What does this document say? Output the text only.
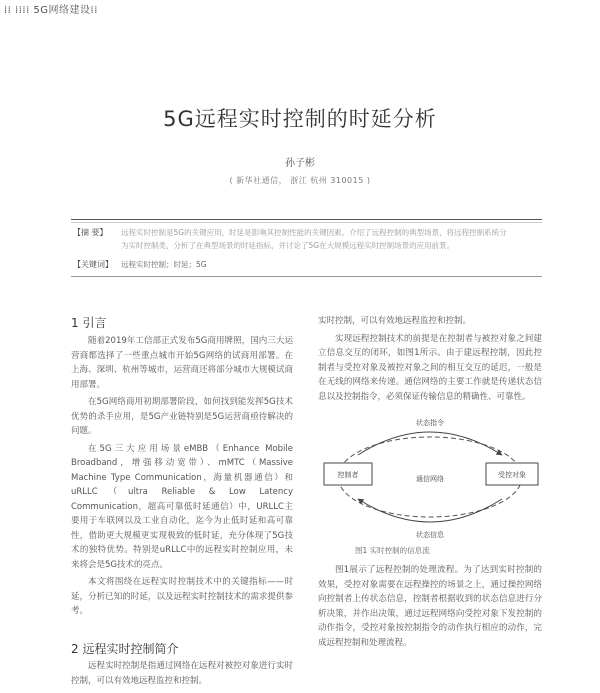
⁞⁞ ⁞⁞⁞⁞ 5G网络建设⁞⁞
5G远程实时控制的时延分析
孙子彬
( 新华社通信， 浙江 杭州 310015 )
【摘 要】 远程实时控制是5G的关键应用，时延是影响其控制性能的关键因素。介绍了远程控制的典型场景，将远程控制系统分
为实时控制类，分析了在典型场景的时延指标，并讨论了5G在大规模远程实时控制场景的应用前景。
【关键词】 远程实时控制；时延；5G
1 引言

随着2019年工信部正式发布5G商用牌照，国内三大运营商都选择了一些重点城市开始5G网络的试商用部署。在上海、深圳、杭州等城市，运营商还将部分城市大规模试商用部署。

在5G网络商用初期部署阶段，如何找到能发挥5G技术优势的杀手应用，是5G产业链特别是5G运营商亟待解决的问题。

在5G三大应用场景eMBB（Enhance Mobile Broadband，增强移动宽带）、mMTC（Massive Machine Type Communication，海量机器通信）和uRLLC（ultra Reliable & Low Latency Communication，超高可靠低时延通信）中，URLLC主要用于车联网以及工业自动化，迄今为止低时延和高可靠性，借助更大规模更实现极致的低时延，充分体现了5G技术的独特优势。特别是uRLLC中的远程实时控制应用，未来将会是5G技术的亮点。

本文将围绕在远程实时控制技术中的关键指标——时延，分析已知的时延，以及远程实时控制技术的需求提供参考。

2 远程实时控制简介

远程实时控制是指通过网络在远程对被控对象进行实时控制，可以有效地远程监控和控制。

实时控制，可以有效地远程监控和控制。

实现远程控制技术的前提是在控制者与被控对象之间建立信息交互的闭环，如图1所示。由于建远程控制，因此控制者与受控对象及被控对象之间的相互交互的延迟，一般是在无线的网络来传递。通信网络的主要工作就是传递状态信息以及控制指令，必须保证传输信息的精确性、可靠性。

状态指令
控制者	受控对象
通信网络
状态信息
图1 实时控制的信息流

图1展示了远程控制的处理流程。为了达到实时控制的效果，受控对象需要在远程操控的场景之上，通过操控网络向控制者上传状态信息，控制者根据收到的状态信息进行分析决策，并作出决策，通过远程网络向受控对象下发控制的动作指令，受控对象按控制指令的动作执行相应的动作，完成远程控制和处理流程。
